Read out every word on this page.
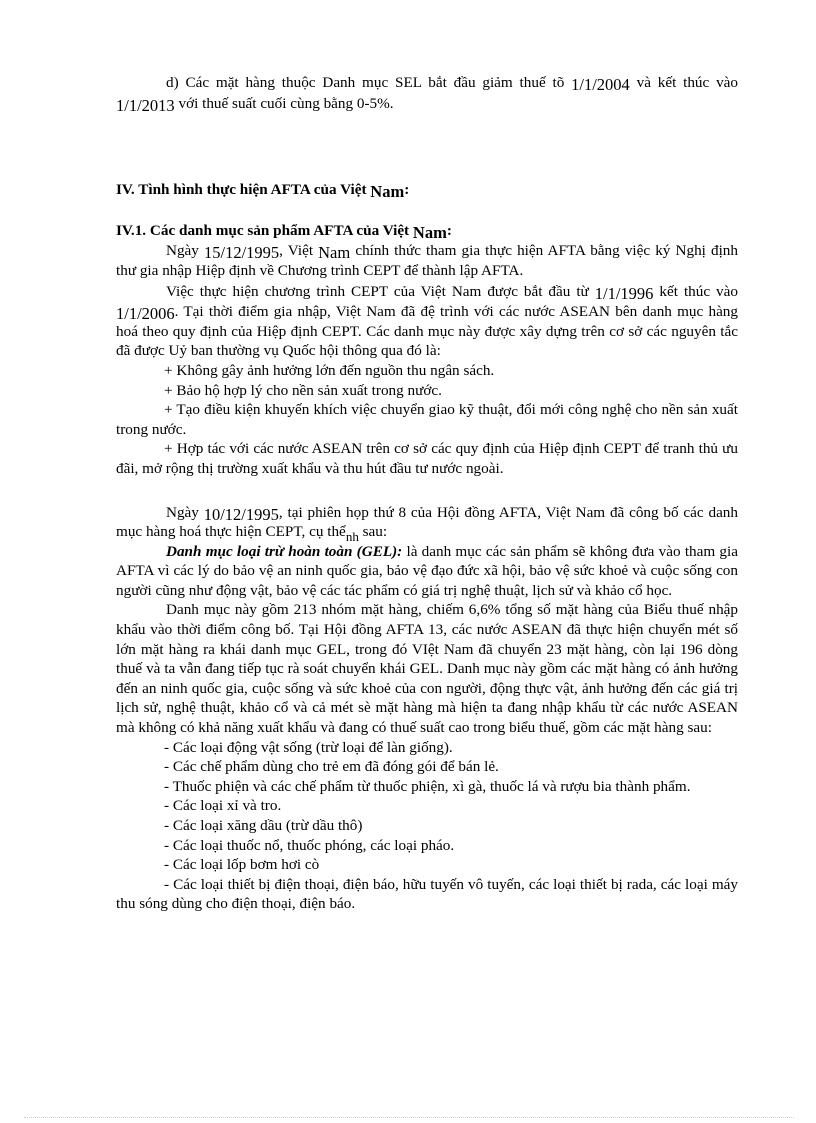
d) Các mặt hàng thuộc Danh mục SEL bắt đầu giảm thuế tõ 1/1/2004 và kết thúc vào 1/1/2013 với thuế suất cuối cùng bằng 0-5%.

IV. Tình hình thực hiện AFTA của Việt Nam:

IV.1. Các danh mục sản phẩm AFTA của Việt Nam:

Ngày 15/12/1995, Việt Nam chính thức tham gia thực hiện AFTA bằng việc ký Nghị định thư gia nhập Hiệp định về Chương trình CEPT để thành lập AFTA.

Việc thực hiện chương trình CEPT của Việt Nam được bắt đầu từ 1/1/1996 kết thúc vào 1/1/2006. Tại thời điểm gia nhập, Việt Nam đã đệ trình với các nước ASEAN bên danh mục hàng hoá theo quy định của Hiệp định CEPT. Các danh mục này được xây dựng trên cơ sở các nguyên tắc đã được Uỷ ban thường vụ Quốc hội thông qua đó là:

+ Không gây ảnh hưởng lớn đến nguồn thu ngân sách.

+ Bảo hộ hợp lý cho nền sản xuất trong nước.

+ Tạo điều kiện khuyến khích việc chuyển giao kỹ thuật, đổi mới công nghệ cho nền sản xuất trong nước.

+ Hợp tác với các nước ASEAN trên cơ sở các quy định của Hiệp định CEPT để tranh thủ ưu đãi, mở rộng thị trường xuất khẩu và thu hút đầu tư nước ngoài.

Ngày 10/12/1995, tại phiên họp thứ 8 của Hội đồng AFTA, Việt Nam đã công bố các danh mục hàng hoá thực hiện CEPT, cụ thểnh sau:

Danh mục loại trừ hoàn toàn (GEL): là danh mục các sản phẩm sẽ không đưa vào tham gia AFTA vì các lý do bảo vệ an ninh quốc gia, bảo vệ đạo đức xã hội, bảo vệ sức khoẻ và cuộc sống con người cũng như động vật, bảo vệ các tác phẩm có giá trị nghệ thuật, lịch sử và khảo cổ học.

Danh mục này gồm 213 nhóm mặt hàng, chiếm 6,6% tổng số mặt hàng của Biểu thuế nhập khẩu vào thời điểm công bố. Tại Hội đồng AFTA 13, các nước ASEAN đã thực hiện chuyển mét số lớn mặt hàng ra khái danh mục GEL, trong đó VIệt Nam đã chuyển 23 mặt hàng, còn lại 196 dòng thuế và ta vẫn đang tiếp tục rà soát chuyển khái GEL. Danh mục này gồm các mặt hàng có ảnh hưởng đến an ninh quốc gia, cuộc sống và sức khoẻ của con người, động thực vật, ảnh hưởng đến các giá trị lịch sử, nghệ thuật, khảo cổ và cả mét sè mặt hàng mà hiện ta đang nhập khẩu từ các nước ASEAN mà không có khả năng xuất khẩu và đang có thuế suất cao trong biểu thuế, gồm các mặt hàng sau:

- Các loại động vật sống (trừ loại để làn giống).

- Các chế phẩm dùng cho trẻ em đã đóng gói để bán lẻ.

- Thuốc phiện và các chế phẩm từ thuốc phiện, xì gà, thuốc lá và rượu bia thành phẩm.

- Các loại xỉ và tro.

- Các loại xăng dầu (trừ dầu thô)

- Các loại thuốc nổ, thuốc phóng, các loại pháo.

- Các loại lốp bơm hơi cò

- Các loại thiết bị điện thoại, điện báo, hữu tuyến vô tuyến, các loại thiết bị rada, các loại máy thu sóng dùng cho điện thoại, điện báo.
